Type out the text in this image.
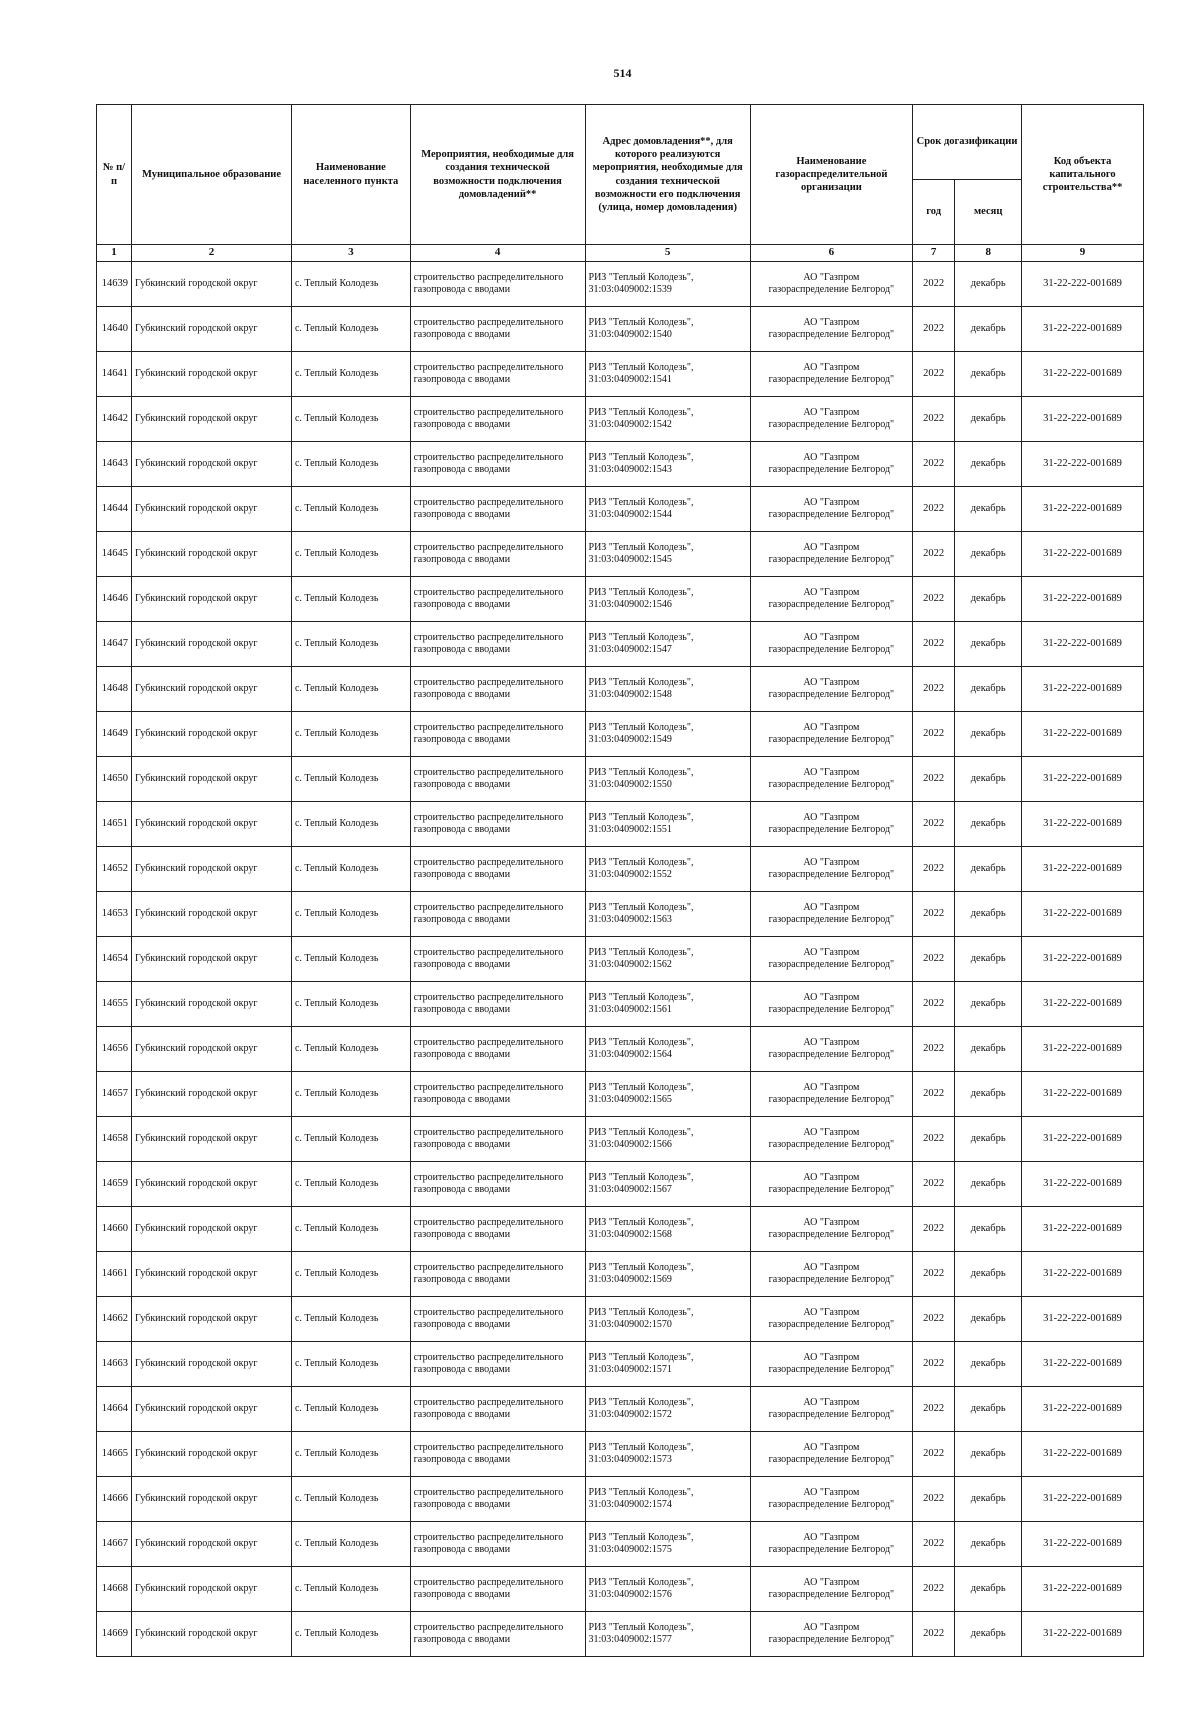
514
№ п/п	Муниципальное образование	Наименование населенного пункта	Мероприятия, необходимые для создания технической возможности подключения домовладений**	Адрес домовладения**, для которого реализуются мероприятия, необходимые для создания технической возможности его подключения (улица, номер домовладения)	Наименование газораспределительной организации	Срок догазификации		Код объекта капитального строительства**
						год	месяц	
1	2	3	4	5	6	7	8	9
14639	Губкинский городской округ	с. Теплый Колодезь	строительство распределительного
газопровода с вводами	РИЗ "Теплый Колодезь",
31:03:0409002:1539	АО "Газпром
газораспределение Белгород"	2022	декабрь	31-22-222-001689
14640	Губкинский городской округ	с. Теплый Колодезь	строительство распределительного
газопровода с вводами	РИЗ "Теплый Колодезь",
31:03:0409002:1540	АО "Газпром
газораспределение Белгород"	2022	декабрь	31-22-222-001689
14641	Губкинский городской округ	с. Теплый Колодезь	строительство распределительного
газопровода с вводами	РИЗ "Теплый Колодезь",
31:03:0409002:1541	АО "Газпром
газораспределение Белгород"	2022	декабрь	31-22-222-001689
14642	Губкинский городской округ	с. Теплый Колодезь	строительство распределительного
газопровода с вводами	РИЗ "Теплый Колодезь",
31:03:0409002:1542	АО "Газпром
газораспределение Белгород"	2022	декабрь	31-22-222-001689
14643	Губкинский городской округ	с. Теплый Колодезь	строительство распределительного
газопровода с вводами	РИЗ "Теплый Колодезь",
31:03:0409002:1543	АО "Газпром
газораспределение Белгород"	2022	декабрь	31-22-222-001689
14644	Губкинский городской округ	с. Теплый Колодезь	строительство распределительного
газопровода с вводами	РИЗ "Теплый Колодезь",
31:03:0409002:1544	АО "Газпром
газораспределение Белгород"	2022	декабрь	31-22-222-001689
14645	Губкинский городской округ	с. Теплый Колодезь	строительство распределительного
газопровода с вводами	РИЗ "Теплый Колодезь",
31:03:0409002:1545	АО "Газпром
газораспределение Белгород"	2022	декабрь	31-22-222-001689
14646	Губкинский городской округ	с. Теплый Колодезь	строительство распределительного
газопровода с вводами	РИЗ "Теплый Колодезь",
31:03:0409002:1546	АО "Газпром
газораспределение Белгород"	2022	декабрь	31-22-222-001689
14647	Губкинский городской округ	с. Теплый Колодезь	строительство распределительного
газопровода с вводами	РИЗ "Теплый Колодезь",
31:03:0409002:1547	АО "Газпром
газораспределение Белгород"	2022	декабрь	31-22-222-001689
14648	Губкинский городской округ	с. Теплый Колодезь	строительство распределительного
газопровода с вводами	РИЗ "Теплый Колодезь",
31:03:0409002:1548	АО "Газпром
газораспределение Белгород"	2022	декабрь	31-22-222-001689
14649	Губкинский городской округ	с. Теплый Колодезь	строительство распределительного
газопровода с вводами	РИЗ "Теплый Колодезь",
31:03:0409002:1549	АО "Газпром
газораспределение Белгород"	2022	декабрь	31-22-222-001689
14650	Губкинский городской округ	с. Теплый Колодезь	строительство распределительного
газопровода с вводами	РИЗ "Теплый Колодезь",
31:03:0409002:1550	АО "Газпром
газораспределение Белгород"	2022	декабрь	31-22-222-001689
14651	Губкинский городской округ	с. Теплый Колодезь	строительство распределительного
газопровода с вводами	РИЗ "Теплый Колодезь",
31:03:0409002:1551	АО "Газпром
газораспределение Белгород"	2022	декабрь	31-22-222-001689
14652	Губкинский городской округ	с. Теплый Колодезь	строительство распределительного
газопровода с вводами	РИЗ "Теплый Колодезь",
31:03:0409002:1552	АО "Газпром
газораспределение Белгород"	2022	декабрь	31-22-222-001689
14653	Губкинский городской округ	с. Теплый Колодезь	строительство распределительного
газопровода с вводами	РИЗ "Теплый Колодезь",
31:03:0409002:1563	АО "Газпром
газораспределение Белгород"	2022	декабрь	31-22-222-001689
14654	Губкинский городской округ	с. Теплый Колодезь	строительство распределительного
газопровода с вводами	РИЗ "Теплый Колодезь",
31:03:0409002:1562	АО "Газпром
газораспределение Белгород"	2022	декабрь	31-22-222-001689
14655	Губкинский городской округ	с. Теплый Колодезь	строительство распределительного
газопровода с вводами	РИЗ "Теплый Колодезь",
31:03:0409002:1561	АО "Газпром
газораспределение Белгород"	2022	декабрь	31-22-222-001689
14656	Губкинский городской округ	с. Теплый Колодезь	строительство распределительного
газопровода с вводами	РИЗ "Теплый Колодезь",
31:03:0409002:1564	АО "Газпром
газораспределение Белгород"	2022	декабрь	31-22-222-001689
14657	Губкинский городской округ	с. Теплый Колодезь	строительство распределительного
газопровода с вводами	РИЗ "Теплый Колодезь",
31:03:0409002:1565	АО "Газпром
газораспределение Белгород"	2022	декабрь	31-22-222-001689
14658	Губкинский городской округ	с. Теплый Колодезь	строительство распределительного
газопровода с вводами	РИЗ "Теплый Колодезь",
31:03:0409002:1566	АО "Газпром
газораспределение Белгород"	2022	декабрь	31-22-222-001689
14659	Губкинский городской округ	с. Теплый Колодезь	строительство распределительного
газопровода с вводами	РИЗ "Теплый Колодезь",
31:03:0409002:1567	АО "Газпром
газораспределение Белгород"	2022	декабрь	31-22-222-001689
14660	Губкинский городской округ	с. Теплый Колодезь	строительство распределительного
газопровода с вводами	РИЗ "Теплый Колодезь",
31:03:0409002:1568	АО "Газпром
газораспределение Белгород"	2022	декабрь	31-22-222-001689
14661	Губкинский городской округ	с. Теплый Колодезь	строительство распределительного
газопровода с вводами	РИЗ "Теплый Колодезь",
31:03:0409002:1569	АО "Газпром
газораспределение Белгород"	2022	декабрь	31-22-222-001689
14662	Губкинский городской округ	с. Теплый Колодезь	строительство распределительного
газопровода с вводами	РИЗ "Теплый Колодезь",
31:03:0409002:1570	АО "Газпром
газораспределение Белгород"	2022	декабрь	31-22-222-001689
14663	Губкинский городской округ	с. Теплый Колодезь	строительство распределительного
газопровода с вводами	РИЗ "Теплый Колодезь",
31:03:0409002:1571	АО "Газпром
газораспределение Белгород"	2022	декабрь	31-22-222-001689
14664	Губкинский городской округ	с. Теплый Колодезь	строительство распределительного
газопровода с вводами	РИЗ "Теплый Колодезь",
31:03:0409002:1572	АО "Газпром
газораспределение Белгород"	2022	декабрь	31-22-222-001689
14665	Губкинский городской округ	с. Теплый Колодезь	строительство распределительного
газопровода с вводами	РИЗ "Теплый Колодезь",
31:03:0409002:1573	АО "Газпром
газораспределение Белгород"	2022	декабрь	31-22-222-001689
14666	Губкинский городской округ	с. Теплый Колодезь	строительство распределительного
газопровода с вводами	РИЗ "Теплый Колодезь",
31:03:0409002:1574	АО "Газпром
газораспределение Белгород"	2022	декабрь	31-22-222-001689
14667	Губкинский городской округ	с. Теплый Колодезь	строительство распределительного
газопровода с вводами	РИЗ "Теплый Колодезь",
31:03:0409002:1575	АО "Газпром
газораспределение Белгород"	2022	декабрь	31-22-222-001689
14668	Губкинский городской округ	с. Теплый Колодезь	строительство распределительного
газопровода с вводами	РИЗ "Теплый Колодезь",
31:03:0409002:1576	АО "Газпром
газораспределение Белгород"	2022	декабрь	31-22-222-001689
14669	Губкинский городской округ	с. Теплый Колодезь	строительство распределительного
газопровода с вводами	РИЗ "Теплый Колодезь",
31:03:0409002:1577	АО "Газпром
газораспределение Белгород"	2022	декабрь	31-22-222-001689
